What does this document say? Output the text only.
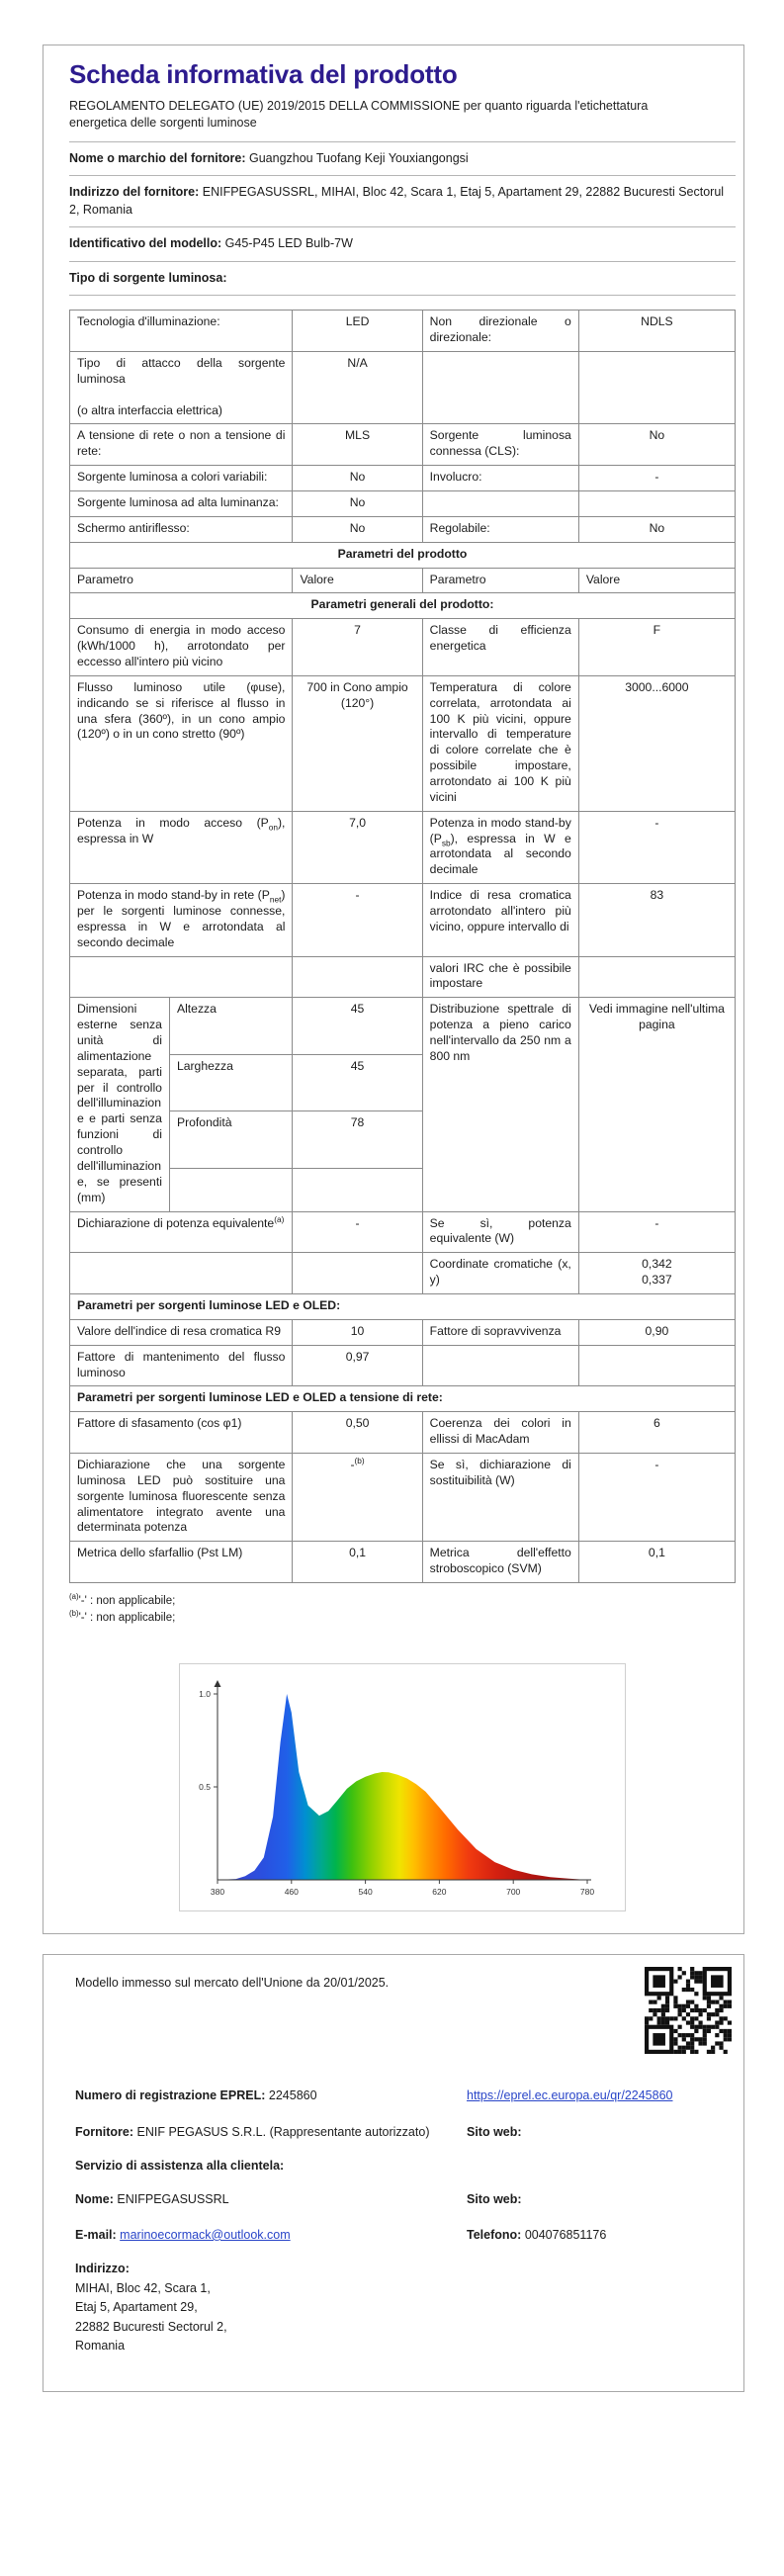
Scheda informativa del prodotto
REGOLAMENTO DELEGATO (UE) 2019/2015 DELLA COMMISSIONE per quanto riguarda l'etichettatura energetica delle sorgenti luminose
Nome o marchio del fornitore: Guangzhou Tuofang Keji Youxiangongsi
Indirizzo del fornitore: ENIFPEGASUSSRL, MIHAI, Bloc 42, Scara 1, Etaj 5, Apartament 29, 22882 Bucuresti Sectorul 2, Romania
Identificativo del modello: G45-P45 LED Bulb-7W
Tipo di sorgente luminosa:
Tecnologia d'illuminazione:		LED	Non direzionale o direzionale:	NDLS
Tipo di attacco della sorgente luminosa

(o altra interfaccia elettrica)		N/A		
A tensione di rete o non a tensione di rete:		MLS	Sorgente luminosa connessa (CLS):	No
Sorgente luminosa a colori variabili:		No	Involucro:	-
Sorgente luminosa ad alta luminanza:		No		
Schermo antiriflesso:		No	Regolabile:	No
Parametri del prodotto				
Parametro		Valore	Parametro	Valore
Parametri generali del prodotto:				
Consumo di energia in modo acceso (kWh/1000 h), arrotondato per eccesso all'intero più vicino		7	Classe di efficienza energetica	F
Flusso luminoso utile (φuse), indicando se si riferisce al flusso in una sfera (360º), in un cono ampio (120º) o in un cono stretto (90º)		700 in Cono ampio (120°)	Temperatura di colore correlata, arrotondata ai 100 K più vicini, oppure intervallo di temperature di colore correlate che è possibile impostare, arrotondato ai 100 K più vicini	3000...6000
Potenza in modo acceso $(P_{on})$, espressa in W		7,0	Potenza in modo stand-by $(P_{sb})$, espressa in W e arrotondata al secondo decimale	-
Potenza in modo stand-by in rete $(P_{net})$ per le sorgenti luminose connesse, espressa in W e arrotondata al secondo decimale		-	Indice di resa cromatica arrotondato all'intero più vicino, oppure intervallo di	83
			valori IRC che è possibile impostare	
Dimensioni esterne senza unità di alimentazione separata, parti per il controllo dell'illuminazione e parti senza funzioni di controllo dell'illuminazione, se presenti (mm)	Altezza	45	Distribuzione spettrale di potenza a pieno carico nell'intervallo da 250 nm a 800 nm	Vedi immagine nell'ultima pagina
	Larghezza	45		
	Profondità	78		

Dichiarazione di potenza equivalente$^{(a)}$		-	Se sì, potenza equivalente (W)	-
			Coordinate cromatiche (x, y)	0,342
0,337
Parametri per sorgenti luminose LED e OLED:				
Valore dell'indice di resa cromatica R9		10	Fattore di sopravvivenza	0,90
Fattore di mantenimento del flusso luminoso		0,97		
Parametri per sorgenti luminose LED e OLED a tensione di rete:				
Fattore di sfasamento (cos φ1)		0,50	Coerenza dei colori in ellissi di MacAdam	6
Dichiarazione che una sorgente luminosa LED può sostituire una sorgente luminosa fluorescente senza alimentatore integrato avente una determinata potenza		-$^{(b)}$	Se sì, dichiarazione di sostituibilità (W)	-
Metrica dello sfarfallio (Pst LM)		0,1	Metrica dell'effetto stroboscopico (SVM)	0,1
$^{(a)}$'-' : non applicabile;
$^{(b)}$'-' : non applicabile;
380	460	540	620	700	780
0.5
1.0

Modello immesso sul mercato dell'Unione da 20/01/2025.

Numero di registrazione EPREL: 2245860	https://eprel.ec.europa.eu/qr/2245860
Fornitore: ENIF PEGASUS S.R.L. (Rappresentante autorizzato)	Sito web:
Servizio di assistenza alla clientela:
Nome: ENIFPEGASUSSRL	Sito web:
E-mail: marinoecormack@outlook.com	Telefono: 004076851176
Indirizzo:
MIHAI, Bloc 42, Scara 1,
Etaj 5, Apartament 29,
22882 Bucuresti Sectorul 2,
Romania
